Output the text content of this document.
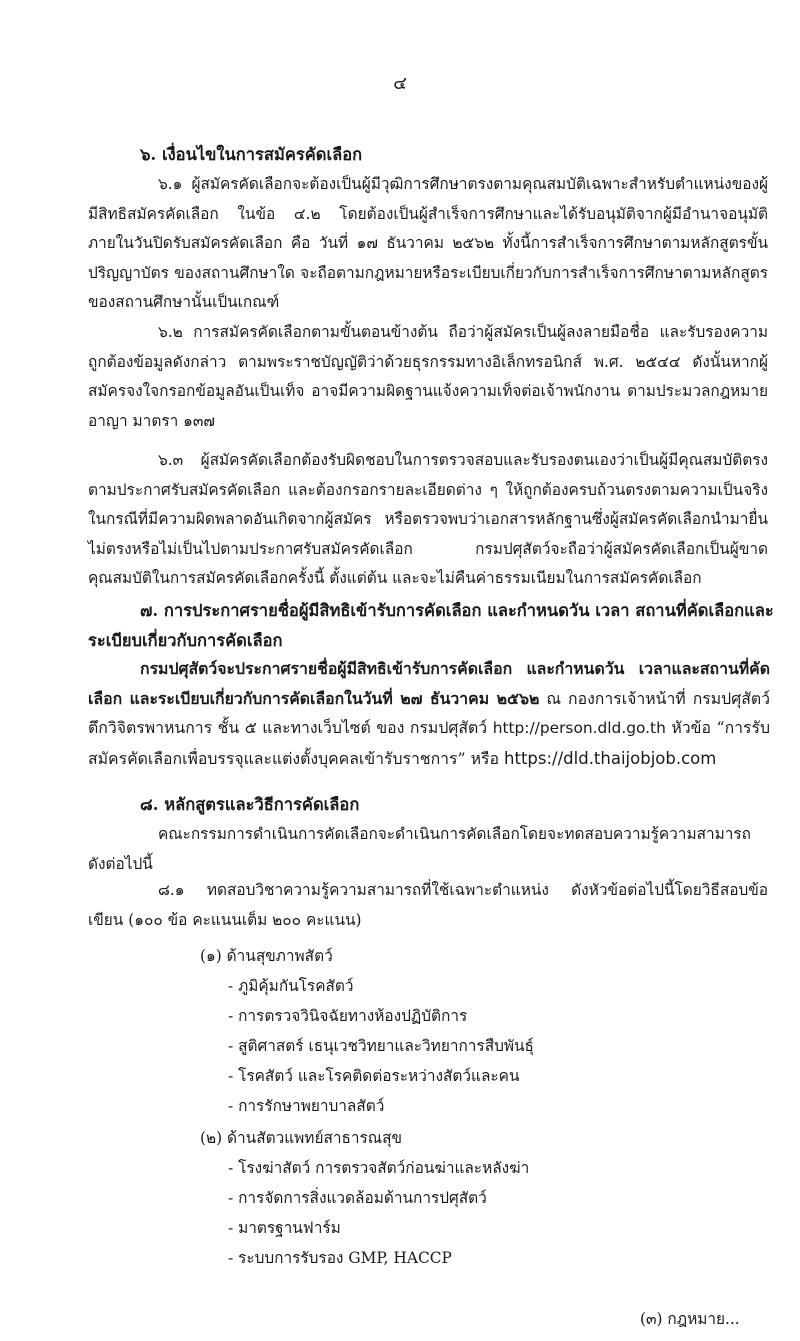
๔

๖. เงื่อนไขในการสมัครคัดเลือก

๖.๑ ผู้สมัครคัดเลือกจะต้องเป็นผู้มีวุฒิการศึกษาตรงตามคุณสมบัติเฉพาะสำหรับตำแหน่งของผู้มีสิทธิสมัครคัดเลือก ในข้อ ๔.๒ โดยต้องเป็นผู้สำเร็จการศึกษาและได้รับอนุมัติจากผู้มีอำนาจอนุมัติภายในวันปิดรับสมัครคัดเลือก คือ วันที่ ๑๗ ธันวาคม ๒๕๖๒ ทั้งนี้การสำเร็จการศึกษาตามหลักสูตรขั้นปริญญาบัตร ของสถานศึกษาใด จะถือตามกฎหมายหรือระเบียบเกี่ยวกับการสำเร็จการศึกษาตามหลักสูตรของสถานศึกษานั้นเป็นเกณฑ์

๖.๒ การสมัครคัดเลือกตามขั้นตอนข้างต้น ถือว่าผู้สมัครเป็นผู้ลงลายมือชื่อ และรับรองความถูกต้องข้อมูลดังกล่าว ตามพระราชบัญญัติว่าด้วยธุรกรรมทางอิเล็กทรอนิกส์ พ.ศ. ๒๕๔๔ ดังนั้นหากผู้สมัครจงใจกรอกข้อมูลอันเป็นเท็จ อาจมีความผิดฐานแจ้งความเท็จต่อเจ้าพนักงาน ตามประมวลกฎหมายอาญา มาตรา ๑๓๗

๖.๓ ผู้สมัครคัดเลือกต้องรับผิดชอบในการตรวจสอบและรับรองตนเองว่าเป็นผู้มีคุณสมบัติตรงตามประกาศรับสมัครคัดเลือก และต้องกรอกรายละเอียดต่าง ๆ ให้ถูกต้องครบถ้วนตรงตามความเป็นจริง ในกรณีที่มีความผิดพลาดอันเกิดจากผู้สมัคร หรือตรวจพบว่าเอกสารหลักฐานซึ่งผู้สมัครคัดเลือกนำมายื่นไม่ตรงหรือไม่เป็นไปตามประกาศรับสมัครคัดเลือก กรมปศุสัตว์จะถือว่าผู้สมัครคัดเลือกเป็นผู้ขาดคุณสมบัติในการสมัครคัดเลือกครั้งนี้ ตั้งแต่ต้น และจะไม่คืนค่าธรรมเนียมในการสมัครคัดเลือก

๗. การประกาศรายชื่อผู้มีสิทธิเข้ารับการคัดเลือก และกำหนดวัน เวลา สถานที่คัดเลือกและระเบียบเกี่ยวกับการคัดเลือก

กรมปศุสัตว์จะประกาศรายชื่อผู้มีสิทธิเข้ารับการคัดเลือก และกำหนดวัน เวลาและสถานที่คัดเลือก และระเบียบเกี่ยวกับการคัดเลือกในวันที่ ๒๗ ธันวาคม ๒๕๖๒ ณ กองการเจ้าหน้าที่ กรมปศุสัตว์ ตึกวิจิตรพาหนการ ชั้น ๕ และทางเว็บไซต์ ของ กรมปศุสัตว์ http://person.dld.go.th หัวข้อ “การรับสมัครคัดเลือกเพื่อบรรจุและแต่งตั้งบุคคลเข้ารับราชการ” หรือ https://dld.thaijobjob.com

๘. หลักสูตรและวิธีการคัดเลือก

คณะกรรมการดำเนินการคัดเลือกจะดำเนินการคัดเลือกโดยจะทดสอบความรู้ความสามารถ ดังต่อไปนี้

๘.๑ ทดสอบวิชาความรู้ความสามารถที่ใช้เฉพาะตำแหน่ง ดังหัวข้อต่อไปนี้โดยวิธีสอบข้อเขียน (๑๐๐ ข้อ คะแนนเต็ม ๒๐๐ คะแนน)

(๑) ด้านสุขภาพสัตว์
- ภูมิคุ้มกันโรคสัตว์
- การตรวจวินิจฉัยทางห้องปฏิบัติการ
- สูติศาสตร์ เธนุเวชวิทยาและวิทยาการสืบพันธุ์
- โรคสัตว์ และโรคติดต่อระหว่างสัตว์และคน
- การรักษาพยาบาลสัตว์
(๒) ด้านสัตวแพทย์สาธารณสุข
- โรงฆ่าสัตว์ การตรวจสัตว์ก่อนฆ่าและหลังฆ่า
- การจัดการสิ่งแวดล้อมด้านการปศุสัตว์
- มาตรฐานฟาร์ม
- ระบบการรับรอง GMP, HACCP
(๓) กฎหมาย...
